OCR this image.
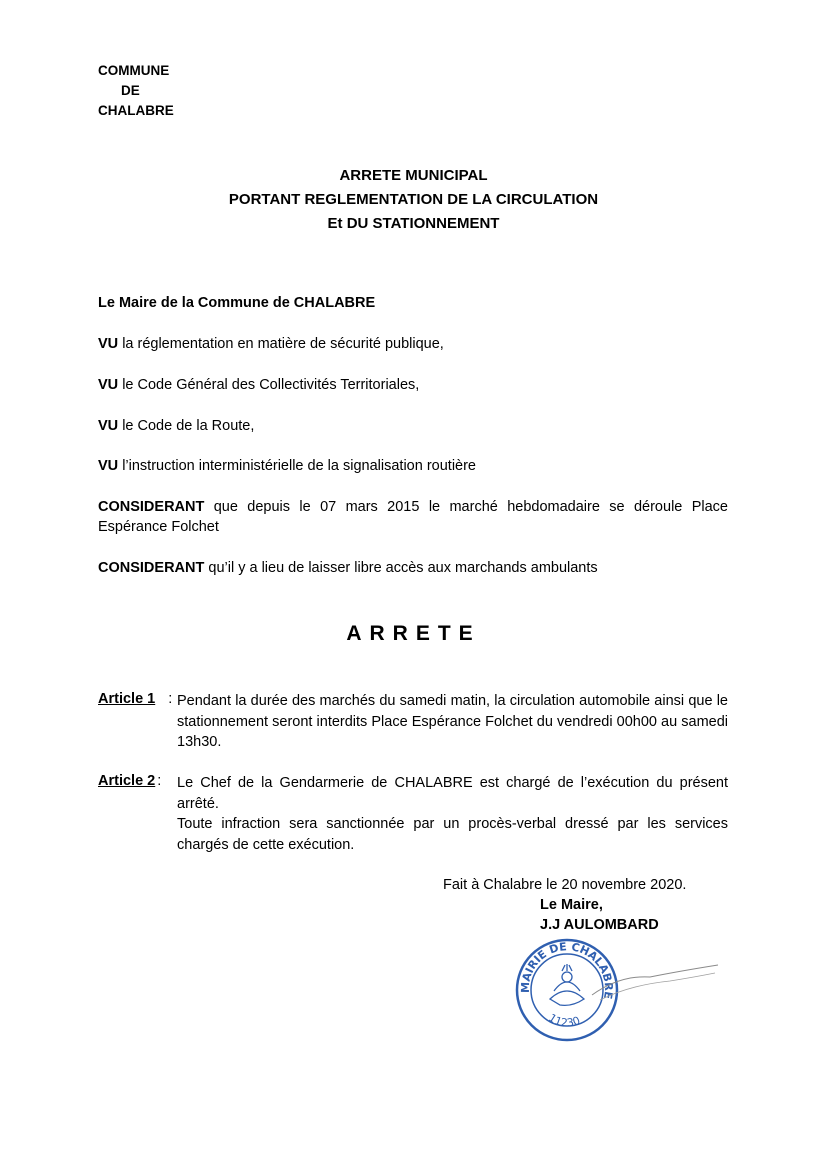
COMMUNE
DE
CHALABRE
ARRETE MUNICIPAL
PORTANT REGLEMENTATION DE LA CIRCULATION
Et DU STATIONNEMENT
Le Maire de la Commune de CHALABRE
VU la réglementation en matière de sécurité publique,
VU le Code Général des Collectivités Territoriales,
VU le Code de la Route,
VU l’instruction interministérielle de la signalisation routière
CONSIDERANT que depuis le 07 mars 2015 le marché hebdomadaire se déroule Place Espérance Folchet
CONSIDERANT qu’il y a lieu de laisser libre accès aux marchands ambulants
ARRETE
Article 1 : Pendant la durée des marchés du samedi matin, la circulation automobile ainsi que le stationnement seront interdits Place Espérance Folchet du vendredi 00h00 au samedi 13h30.
Article 2 : Le Chef de la Gendarmerie de CHALABRE est chargé de l’exécution du présent arrêté.
Toute infraction sera sanctionnée par un procès-verbal dressé par les services chargés de cette exécution.
Fait à Chalabre le 20 novembre 2020.
Le Maire,
J.J AULOMBARD
MAIRIE DE CHALABRE
11230
